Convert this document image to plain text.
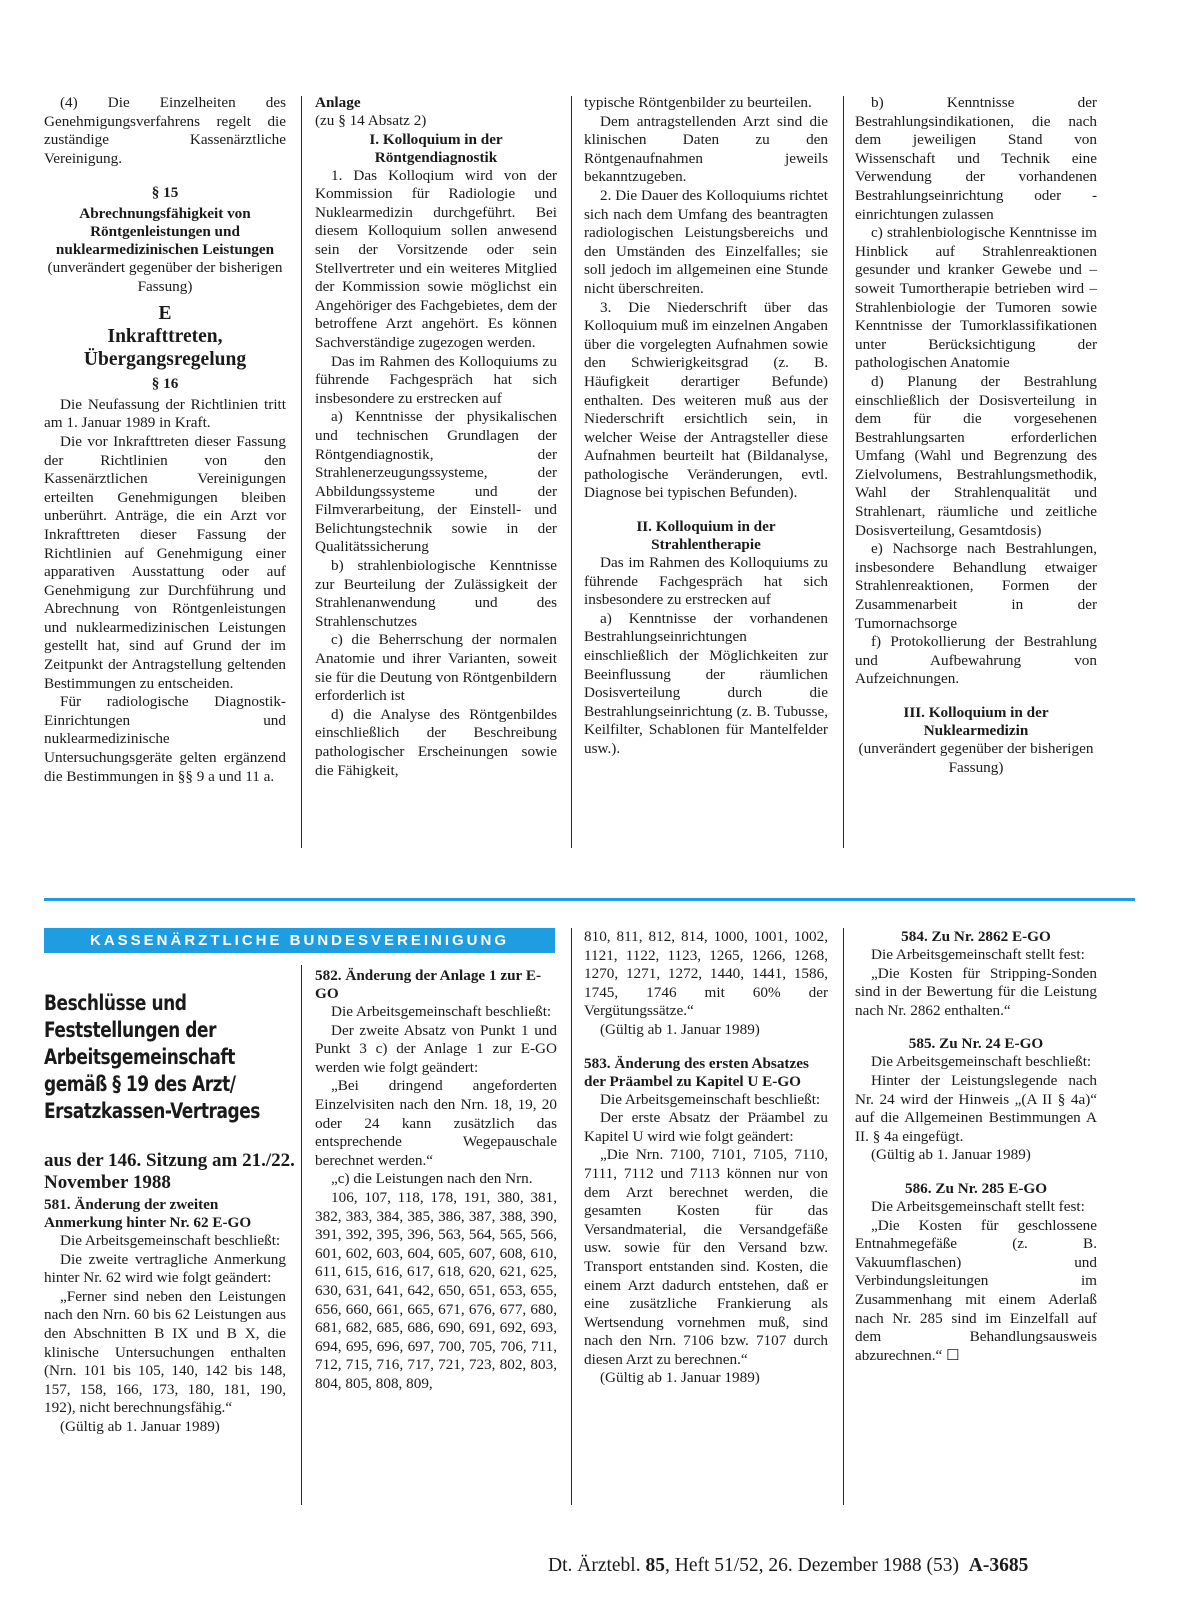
(4) Die Einzelheiten des Genehmigungsverfahrens regelt die zuständige Kassenärztliche Vereinigung.

§ 15
Abrechnungsfähigkeit von Röntgenleistungen und nuklearmedizinischen Leistungen

(unverändert gegenüber der bisherigen Fassung)

E
Inkrafttreten, Übergangsregelung
§ 16

Die Neufassung der Richtlinien tritt am 1. Januar 1989 in Kraft.

Die vor Inkrafttreten dieser Fassung der Richtlinien von den Kassenärztlichen Vereinigungen erteilten Genehmigungen bleiben unberührt. Anträge, die ein Arzt vor Inkrafttreten dieser Fassung der Richtlinien auf Genehmigung einer apparativen Ausstattung oder auf Genehmigung zur Durchführung und Abrechnung von Röntgenleistungen und nuklearmedizinischen Leistungen gestellt hat, sind auf Grund der im Zeitpunkt der Antragstellung geltenden Bestimmungen zu entscheiden.

Für radiologische Diagnostik-Einrichtungen und nuklearmedizinische Untersuchungsgeräte gelten ergänzend die Bestimmungen in §§ 9 a und 11 a.

Anlage

(zu § 14 Absatz 2)

I. Kolloquium in der Röntgendiagnostik

1. Das Kolloqium wird von der Kommission für Radiologie und Nuklearmedizin durchgeführt. Bei diesem Kolloquium sollen anwesend sein der Vorsitzende oder sein Stellvertreter und ein weiteres Mitglied der Kommission sowie möglichst ein Angehöriger des Fachgebietes, dem der betroffene Arzt angehört. Es können Sachverständige zugezogen werden.

Das im Rahmen des Kolloquiums zu führende Fachgespräch hat sich insbesondere zu erstrecken auf

a) Kenntnisse der physikalischen und technischen Grundlagen der Röntgendiagnostik, der Strahlenerzeugungssysteme, der Abbildungssysteme und der Filmverarbeitung, der Einstell- und Belichtungstechnik sowie in der Qualitätssicherung

b) strahlenbiologische Kenntnisse zur Beurteilung der Zulässigkeit der Strahlenanwendung und des Strahlenschutzes

c) die Beherrschung der normalen Anatomie und ihrer Varianten, soweit sie für die Deutung von Röntgenbildern erforderlich ist

d) die Analyse des Röntgenbildes einschließlich der Beschreibung pathologischer Erscheinungen sowie die Fähigkeit,

typische Röntgenbilder zu beurteilen.

Dem antragstellenden Arzt sind die klinischen Daten zu den Röntgenaufnahmen jeweils bekanntzugeben.

2. Die Dauer des Kolloquiums richtet sich nach dem Umfang des beantragten radiologischen Leistungsbereichs und den Umständen des Einzelfalles; sie soll jedoch im allgemeinen eine Stunde nicht überschreiten.

3. Die Niederschrift über das Kolloquium muß im einzelnen Angaben über die vorgelegten Aufnahmen sowie den Schwierigkeitsgrad (z. B. Häufigkeit derartiger Befunde) enthalten. Des weiteren muß aus der Niederschrift ersichtlich sein, in welcher Weise der Antragsteller diese Aufnahmen beurteilt hat (Bildanalyse, pathologische Veränderungen, evtl. Diagnose bei typischen Befunden).

II. Kolloquium in der Strahlentherapie

Das im Rahmen des Kolloquiums zu führende Fachgespräch hat sich insbesondere zu erstrecken auf

a) Kenntnisse der vorhandenen Bestrahlungseinrichtungen einschließlich der Möglichkeiten zur Beeinflussung der räumlichen Dosisverteilung durch die Bestrahlungseinrichtung (z. B. Tubusse, Keilfilter, Schablonen für Mantelfelder usw.).

b) Kenntnisse der Bestrahlungsindikationen, die nach dem jeweiligen Stand von Wissenschaft und Technik eine Verwendung der vorhandenen Bestrahlungseinrichtung oder -einrichtungen zulassen

c) strahlenbiologische Kenntnisse im Hinblick auf Strahlenreaktionen gesunder und kranker Gewebe und – soweit Tumortherapie betrieben wird – Strahlenbiologie der Tumoren sowie Kenntnisse der Tumorklassifikationen unter Berücksichtigung der pathologischen Anatomie

d) Planung der Bestrahlung einschließlich der Dosisverteilung in dem für die vorgesehenen Bestrahlungsarten erforderlichen Umfang (Wahl und Begrenzung des Zielvolumens, Bestrahlungsmethodik, Wahl der Strahlenqualität und Strahlenart, räumliche und zeitliche Dosisverteilung, Gesamtdosis)

e) Nachsorge nach Bestrahlungen, insbesondere Behandlung etwaiger Strahlenreaktionen, Formen der Zusammenarbeit in der Tumornachsorge

f) Protokollierung der Bestrahlung und Aufbewahrung von Aufzeichnungen.

III. Kolloquium in der Nuklearmedizin

(unverändert gegenüber der bisherigen Fassung)

KASSENÄRZTLICHE BUNDESVEREINIGUNG
Beschlüsse und Feststellungen der Arbeitsgemeinschaft gemäß § 19 des Arzt/ Ersatzkassen-Vertrages
aus der 146. Sitzung am 21./22. November 1988
581. Änderung der zweiten Anmerkung hinter Nr. 62 E-GO

Die Arbeitsgemeinschaft beschließt:

Die zweite vertragliche Anmerkung hinter Nr. 62 wird wie folgt geändert:

„Ferner sind neben den Leistungen nach den Nrn. 60 bis 62 Leistungen aus den Abschnitten B IX und B X, die klinische Untersuchungen enthalten (Nrn. 101 bis 105, 140, 142 bis 148, 157, 158, 166, 173, 180, 181, 190, 192), nicht berechnungsfähig.“

(Gültig ab 1. Januar 1989)

582. Änderung der Anlage 1 zur E-GO

Die Arbeitsgemeinschaft beschließt:

Der zweite Absatz von Punkt 1 und Punkt 3 c) der Anlage 1 zur E-GO werden wie folgt geändert:

„Bei dringend angeforderten Einzelvisiten nach den Nrn. 18, 19, 20 oder 24 kann zusätzlich das entsprechende Wegepauschale berechnet werden.“

„c) die Leistungen nach den Nrn.

106, 107, 118, 178, 191, 380, 381, 382, 383, 384, 385, 386, 387, 388, 390, 391, 392, 395, 396, 563, 564, 565, 566, 601, 602, 603, 604, 605, 607, 608, 610, 611, 615, 616, 617, 618, 620, 621, 625, 630, 631, 641, 642, 650, 651, 653, 655, 656, 660, 661, 665, 671, 676, 677, 680, 681, 682, 685, 686, 690, 691, 692, 693, 694, 695, 696, 697, 700, 705, 706, 711, 712, 715, 716, 717, 721, 723, 802, 803, 804, 805, 808, 809,

810, 811, 812, 814, 1000, 1001, 1002, 1121, 1122, 1123, 1265, 1266, 1268, 1270, 1271, 1272, 1440, 1441, 1586, 1745, 1746 mit 60% der Vergütungssätze.“

(Gültig ab 1. Januar 1989)

583. Änderung des ersten Absatzes der Präambel zu Kapitel U E-GO

Die Arbeitsgemeinschaft beschließt:

Der erste Absatz der Präambel zu Kapitel U wird wie folgt geändert:

„Die Nrn. 7100, 7101, 7105, 7110, 7111, 7112 und 7113 können nur von dem Arzt berechnet werden, die gesamten Kosten für das Versandmaterial, die Versandgefäße usw. sowie für den Versand bzw. Transport entstanden sind. Kosten, die einem Arzt dadurch entstehen, daß er eine zusätzliche Frankierung als Wertsendung vornehmen muß, sind nach den Nrn. 7106 bzw. 7107 durch diesen Arzt zu berechnen.“

(Gültig ab 1. Januar 1989)

584. Zu Nr. 2862 E-GO

Die Arbeitsgemeinschaft stellt fest:

„Die Kosten für Stripping-Sonden sind in der Bewertung für die Leistung nach Nr. 2862 enthalten.“

585. Zu Nr. 24 E-GO

Die Arbeitsgemeinschaft beschließt:

Hinter der Leistungslegende nach Nr. 24 wird der Hinweis „(A II § 4a)“ auf die Allgemeinen Bestimmungen A II. § 4a eingefügt.

(Gültig ab 1. Januar 1989)

586. Zu Nr. 285 E-GO

Die Arbeitsgemeinschaft stellt fest:

„Die Kosten für geschlossene Entnahmegefäße (z. B. Vakuumflaschen) und Verbindungsleitungen im Zusammenhang mit einem Aderlaß nach Nr. 285 sind im Einzelfall auf dem Behandlungsausweis abzurechnen.“ ☐

Dt. Ärztebl. 85, Heft 51/52, 26. Dezember 1988 (53) A-3685
